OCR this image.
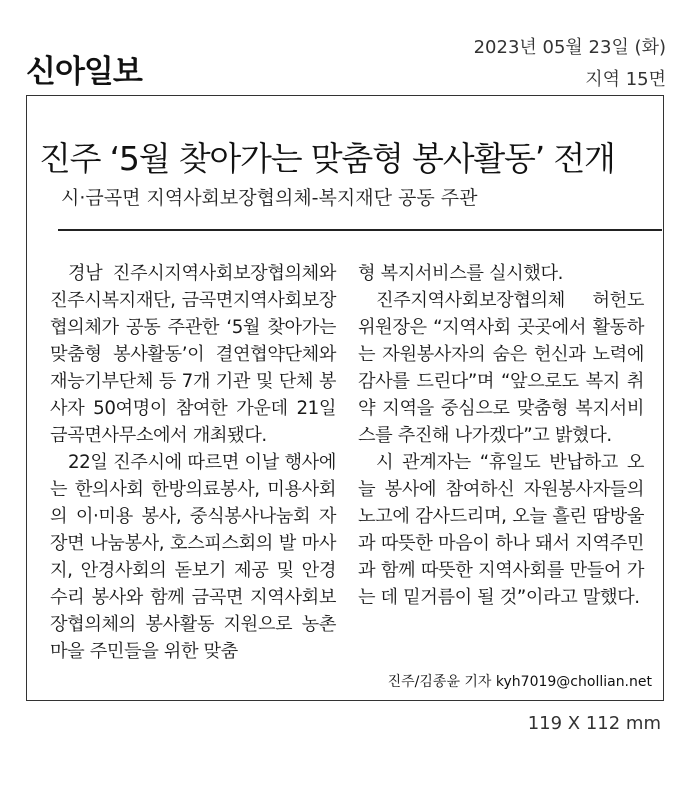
신아일보
2023년 05월 23일 (화)
지역 15면
진주 ‘5월 찾아가는 맞춤형 봉사활동’ 전개
시·금곡면 지역사회보장협의체-복지재단 공동 주관

경남 진주시지역사회보장협의체와 진주시복지재단, 금곡면지역사회보장협의체가 공동 주관한 ‘5월 찾아가는 맞춤형 봉사활동’이 결연협약단체와 재능기부단체 등 7개 기관 및 단체 봉사자 50여명이 참여한 가운데 21일 금곡면사무소에서 개최됐다.

22일 진주시에 따르면 이날 행사에는 한의사회 한방의료봉사, 미용사회의 이·미용 봉사, 중식봉사나눔회 자장면 나눔봉사, 호스피스회의 발 마사지, 안경사회의 돋보기 제공 및 안경수리 봉사와 함께 금곡면 지역사회보장협의체의 봉사활동 지원으로 농촌마을 주민들을 위한 맞춤

형 복지서비스를 실시했다.

진주지역사회보장협의체 허헌도 위원장은 “지역사회 곳곳에서 활동하는 자원봉사자의 숨은 헌신과 노력에 감사를 드린다”며 “앞으로도 복지 취약 지역을 중심으로 맞춤형 복지서비스를 추진해 나가겠다”고 밝혔다.

시 관계자는 “휴일도 반납하고 오늘 봉사에 참여하신 자원봉사자들의 노고에 감사드리며, 오늘 흘린 땀방울과 따뜻한 마음이 하나 돼서 지역주민과 함께 따뜻한 지역사회를 만들어 가는 데 밑거름이 될 것”이라고 말했다.

진주/김종윤 기자 kyh7019@chollian.net
119 X 112 mm
